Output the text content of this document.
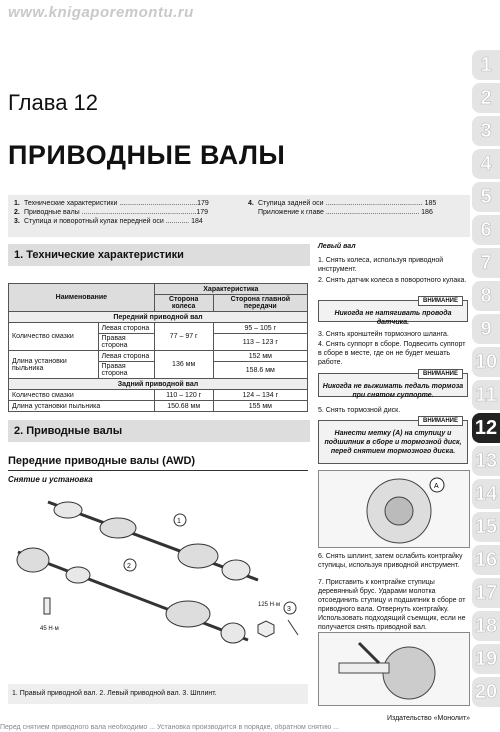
www.knigaporemontu.ru
1
2
3
4
5
6
7
8
9
10
11
12
13
14
15
16
17
18
19
20
Глава 12
ПРИВОДНЫЕ ВАЛЫ
1. Технические характеристики ........................................179
2. Приводные валы ...........................................................179
3. Ступица и поворотный кулак передней оси ............ 184
4. Ступица задней оси .................................................. 185
Приложение к главе ................................................ 186
1. Технические характеристики
Наименование		Характеристика	
		Сторона колеса	Сторона главной передачи
Передний приводной вал			
Количество смазки	Левая сторона	77 – 97 г	95 – 105 г
	Правая сторона		113 – 123 г
Длина установки пыльника	Левая сторона	136 мм	152 мм
	Правая сторона		158.6 мм
Задний приводной вал			
Количество смазки		110 – 120 г	124 – 134 г
Длина установки пыльника		150.68 мм	155 мм
2. Приводные валы
Передние приводные валы (AWD)
Снятие и установка
1
2
3
125 Н·м
45 Н·м
1. Правый приводной вал. 2. Левый приводной вал. 3. Шплинт.
Левый вал
1. Снять колеса, используя приводной инструмент.
2. Снять датчик колеса в поворотного кулака.
ВНИМАНИЕ
Никогда не натягивать провода датчика.
3. Снять кронштейн тормозного шланга.
4. Снять суппорт в сборе. Подвесить суппорт в сборе в месте, где он не будет мешать работе.
ВНИМАНИЕ
Никогда не выжимать педаль тормоза при снятом суппорте.
5. Снять тормозной диск.
ВНИМАНИЕ
Нанести метку (А) на ступицу и подшипник в сборе и тормозной диск, перед снятием тормозного диска.
A
6. Снять шплинт, затем ослабить контргайку ступицы, используя приводной инструмент.
7. Приставить к контргайке ступицы деревянный брус. Ударами молотка отсоединить ступицу и подшипник в сборе от приводного вала. Отвернуть контргайку. Использовать подходящий съемщик, если не получается снять приводной вал.
Издательство «Монолит»
Перед снятием приводного вала необходимо ... Установка производится в порядке, обратном снятию ...
